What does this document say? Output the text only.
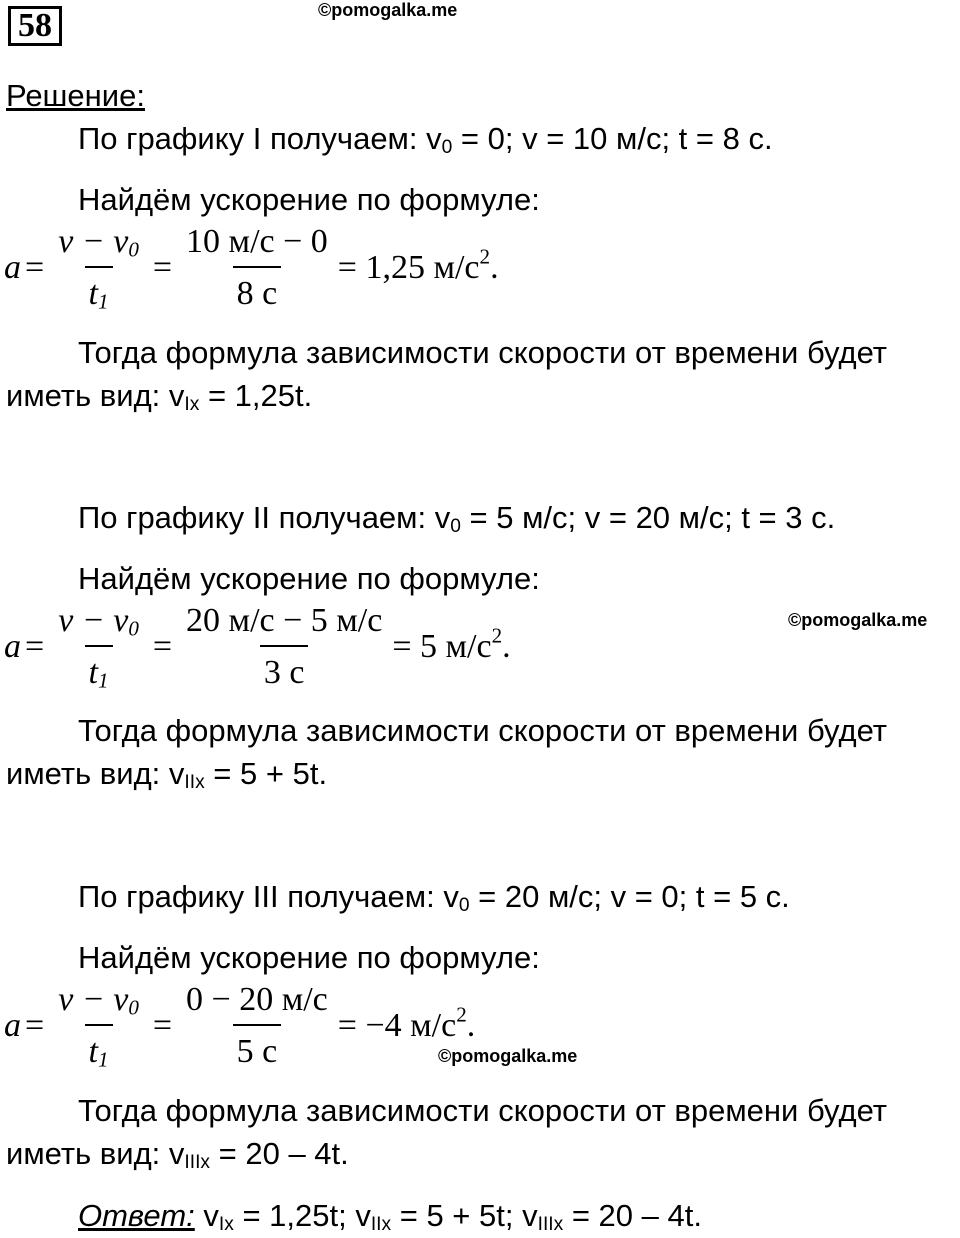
58	©pomogalka.me
Решение:
По графику I получаем: $v_0 = 0$; v = 10 м/с; t = 8 с.
Найдём ускорение по формуле:
$a = \frac{v - v_0}{t_1} = \frac{10 м/с - 0}{8 с} = 1,25$ $м/с^2$.
Тогда формула зависимости скорости от времени будет
иметь вид: $v_{Ix} = 1,25t$.
По графику II получаем: $v_0 = 5$ м/с; v = 20 м/с; t = 3 с.
Найдём ускорение по формуле:
$a = \frac{v - v_0}{t_1} = \frac{20 м/с - 5 м/с}{3 с} = 5$ $м/с^2$.
©pomogalka.me
Тогда формула зависимости скорости от времени будет
иметь вид: $v_{IIx} = 5 + 5t$.
По графику III получаем: $v_0 = 20$ м/с; v = 0; t = 5 с.
Найдём ускорение по формуле:
$a = \frac{v - v_0}{t_1} = \frac{0 - 20 м/с}{5 с} = -4$ $м/с^2$.
©pomogalka.me
Тогда формула зависимости скорости от времени будет
иметь вид: $v_{IIIx} = 20 - 4t$.
Ответ: $v_{Ix} = 1,25t$; $v_{IIx} = 5 + 5t$; $v_{IIIx} = 20 - 4t$.
